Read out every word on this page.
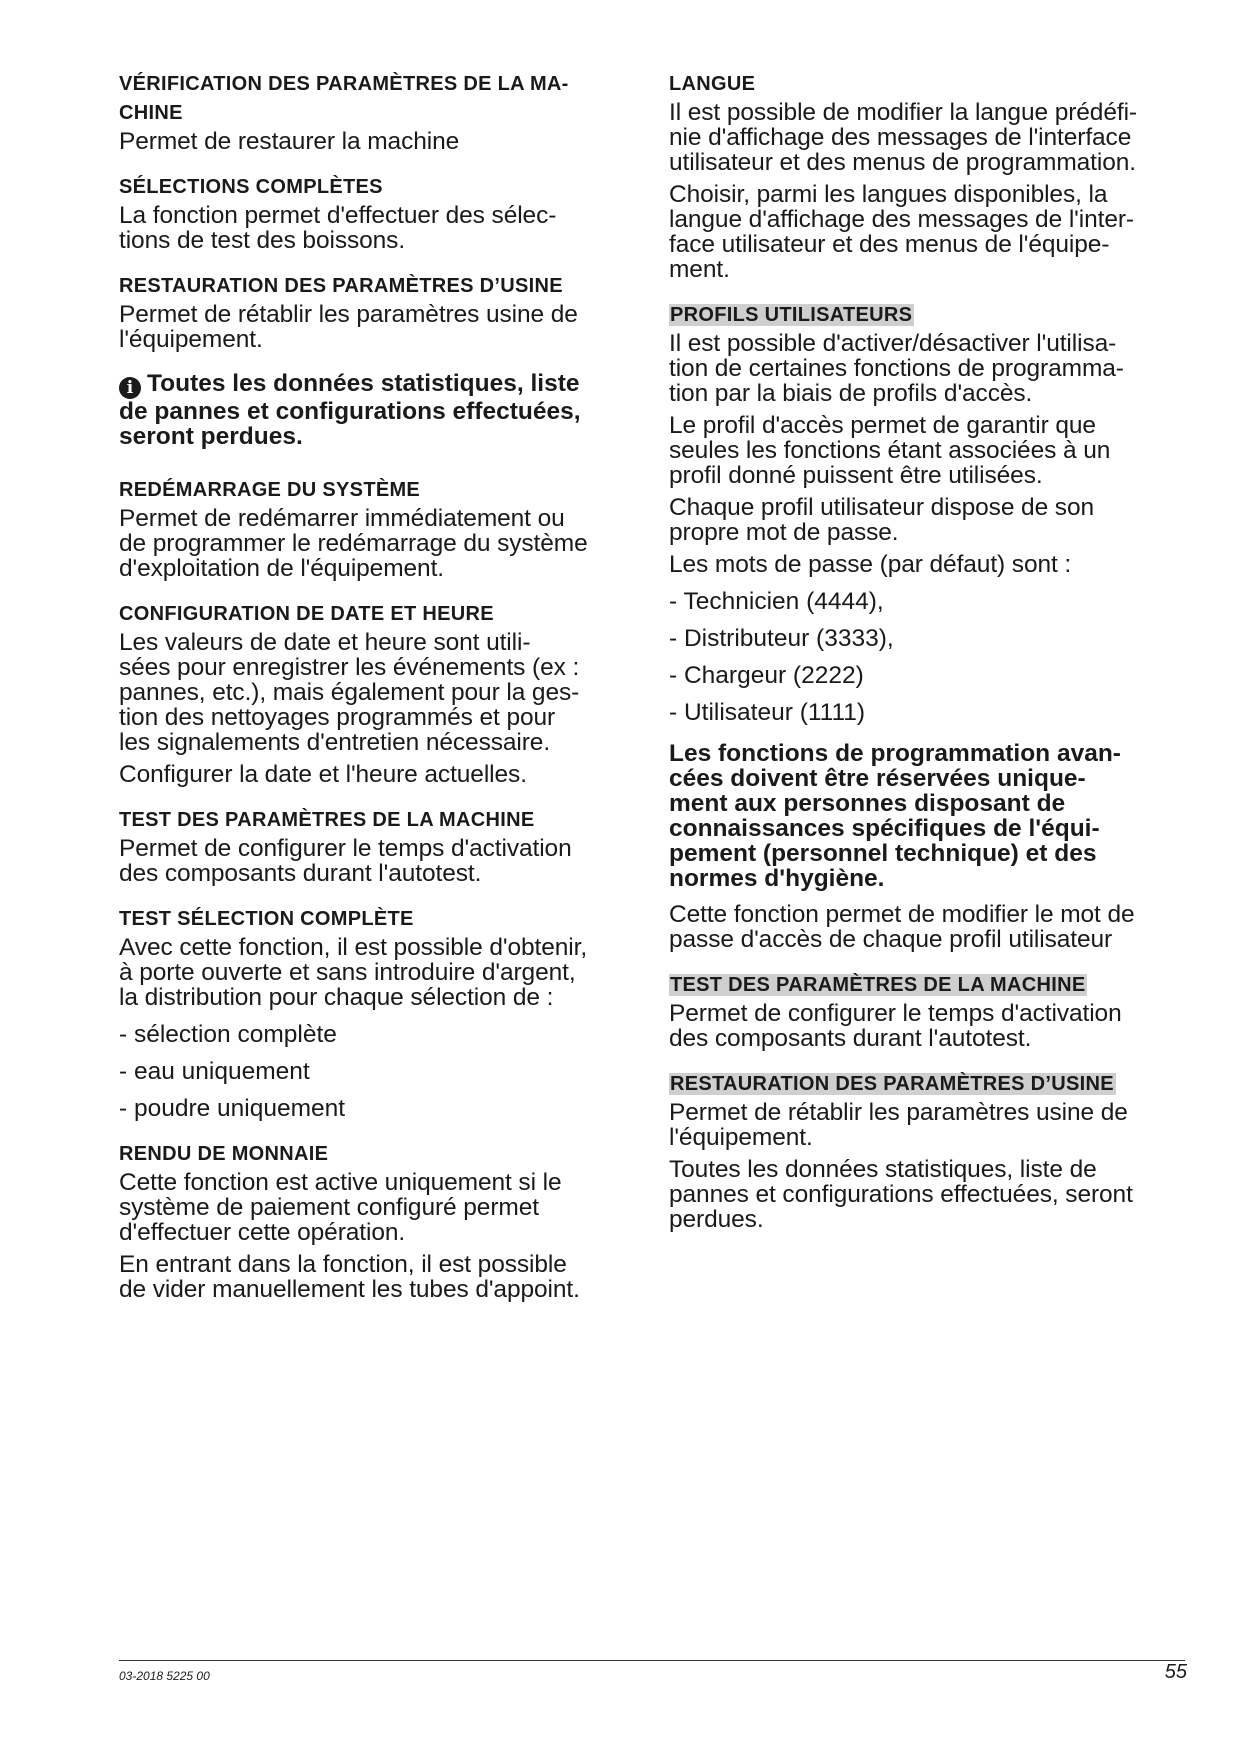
VÉRIFICATION DES PARAMÈTRES DE LA MA-
CHINE
Permet de restaurer la machine
SÉLECTIONS COMPLÈTES
La fonction permet d'effectuer des sélec-
tions de test des boissons.
RESTAURATION DES PARAMÈTRES D’USINE
Permet de rétablir les paramètres usine de
l'équipement.
i Toutes les données statistiques, liste
de pannes et configurations effectuées,
seront perdues.
REDÉMARRAGE DU SYSTÈME
Permet de redémarrer immédiatement ou
de programmer le redémarrage du système
d'exploitation de l'équipement.
CONFIGURATION DE DATE ET HEURE
Les valeurs de date et heure sont utili-
sées pour enregistrer les événements (ex :
pannes, etc.), mais également pour la ges-
tion des nettoyages programmés et pour
les signalements d'entretien nécessaire.
Configurer la date et l'heure actuelles.
TEST DES PARAMÈTRES DE LA MACHINE
Permet de configurer le temps d'activation
des composants durant l'autotest.
TEST SÉLECTION COMPLÈTE
Avec cette fonction, il est possible d'obtenir,
à porte ouverte et sans introduire d'argent,
la distribution pour chaque sélection de :
- sélection complète
- eau uniquement
- poudre uniquement
RENDU DE MONNAIE
Cette fonction est active uniquement si le
système de paiement configuré permet
d'effectuer cette opération.
En entrant dans la fonction, il est possible
de vider manuellement les tubes d'appoint.
LANGUE
Il est possible de modifier la langue prédéfi-
nie d'affichage des messages de l'interface
utilisateur et des menus de programmation.
Choisir, parmi les langues disponibles, la
langue d'affichage des messages de l'inter-
face utilisateur et des menus de l'équipe-
ment.
PROFILS UTILISATEURS
Il est possible d'activer/désactiver l'utilisa-
tion de certaines fonctions de programma-
tion par la biais de profils d'accès.
Le profil d'accès permet de garantir que
seules les fonctions étant associées à un
profil donné puissent être utilisées.
Chaque profil utilisateur dispose de son
propre mot de passe.
Les mots de passe (par défaut) sont :
- Technicien (4444),
- Distributeur (3333),
- Chargeur (2222)
- Utilisateur (1111)
Les fonctions de programmation avan-
cées doivent être réservées unique-
ment aux personnes disposant de
connaissances spécifiques de l'équi-
pement (personnel technique) et des
normes d'hygiène.
Cette fonction permet de modifier le mot de
passe d'accès de chaque profil utilisateur
TEST DES PARAMÈTRES DE LA MACHINE
Permet de configurer le temps d'activation
des composants durant l'autotest.
RESTAURATION DES PARAMÈTRES D’USINE
Permet de rétablir les paramètres usine de
l'équipement.
Toutes les données statistiques, liste de
pannes et configurations effectuées, seront
perdues.
03-2018 5225 00	55
